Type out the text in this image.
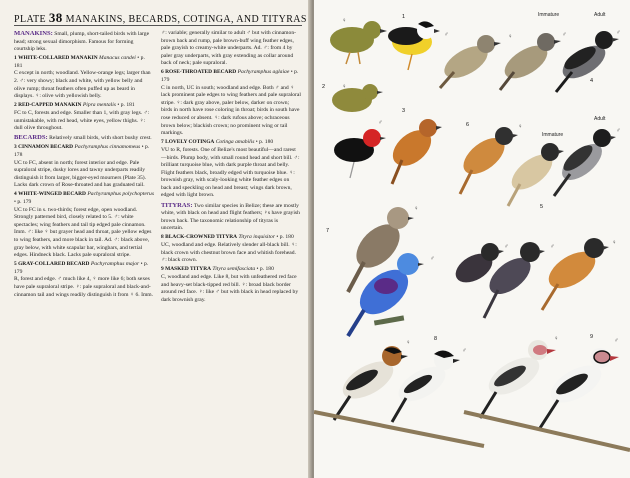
PLATE 38 MANAKINS, BECARDS, COTINGA, AND TITYRAS

MANAKINS: Small, plump, short-tailed birds with large head; strong sexual dimorphism. Famous for forming courtship leks.

1 WHITE-COLLARED MANAKIN Manacus candei • p. 181
C except in north; woodland. Yellow-orange legs; larger than 2. ♂: very showy; black and white, with yellow belly and olive rump; throat feathers often puffed up as beard in displays. ♀: olive with yellowish belly.

2 RED-CAPPED MANAKIN Pipra mentalis • p. 181
FC to C, forests and edge. Smaller than 1, with gray legs. ♂: unmistakable, with red head, white eyes, yellow thighs. ♀: dull olive throughout.

BECARDS: Relatively small birds, with short bushy crest.

3 CINNAMON BECARD Pachyramphus cinnamomeus • p. 178
UC to FC, absent in north; forest interior and edge. Pale supraloral stripe, dusky lores and tawny underparts readily distinguish it from larger, bigger-eyed mourners (Plate 35). Lacks dark crown of Rose-throated and has graduated tail.

4 WHITE-WINGED BECARD Pachyramphus polychopterus • p. 179
UC to FC in s. two-thirds; forest edge, open woodland. Strongly patterned bird, closely related to 5. ♂: white spectacles; wing feathers and tail tip edged pale cinnamon. Imm. ♂: like ♀ but grayer head and throat, pale yellow edges to wing feathers, and more black in tail. Ad. ♂: black above, gray below, with white scapular bar, wingbars, and tertial edges. Hindneck black. Lacks pale supraloral stripe.

5 GRAY-COLLARED BECARD Pachyramphus major • p. 179
R, forest and edge. ♂ much like 4, ♀ more like 6; both sexes have pale supraloral stripe. ♀: pale supraloral and black-and-cinnamon tail and wings readily distinguish it from ♀ 6. Imm.

♂: variable; generally similar to adult ♂ but with cinnamon-brown back and rump, pale brown-buff wing feather edges, pale grayish to creamy-white underparts. Ad. ♂: from 4 by paler gray underparts, with gray extending as collar around back of neck; pale supraloral.

6 ROSE-THROATED BECARD Pachyramphus aglaiae • p. 179
C in north, UC in south; woodland and edge. Both ♂ and ♀ lack prominent pale edges to wing feathers and pale supraloral stripe. ♀: dark gray above, paler below, darker on crown; birds in north have rose coloring in throat; birds in south have rose reduced or absent. ♀: dark rufous above; ochraceous brown below; blackish crown; no prominent wing or tail markings.

7 LOVELY COTINGA Cotinga amabilis • p. 180
VU to R, forests. One of Belize's most beautiful—and rarest—birds. Plump body, with small round head and short bill. ♂: brilliant turquoise blue, with dark purple throat and belly. Flight feathers black, broadly edged with turquoise blue. ♀: brownish gray, with scaly-looking white feather edges on back and speckling on head and breast; wings dark brown, edged with light brown.

TITYRAS: Two similar species in Belize; these are mostly white, with black on head and flight feathers; ♀s have grayish brown back. The taxonomic relationship of tityras is uncertain.

8 BLACK-CROWNED TITYRA Tityra inquisitor • p. 180
UC, woodland and edge. Relatively slender all-black bill. ♀: black crown with chestnut brown face and whitish forehead. ♂: black crown.

9 MASKED TITYRA Tityra semifasciata • p. 180
C, woodland and edge. Like 8, but with unfeathered red face and heavy-set black-tipped red bill. ♀: broad black border around red face. ♀: like ♂ but with black in head replaced by dark brownish gray.

1
2
3
4
5
6
7
8	9
Immature	Adult
Adult
Immature
♀
♂	♀	♂	♂
♀
♂
♀
♂
♀
♂
♂	♂
♀
♀
♂
♀	♂
